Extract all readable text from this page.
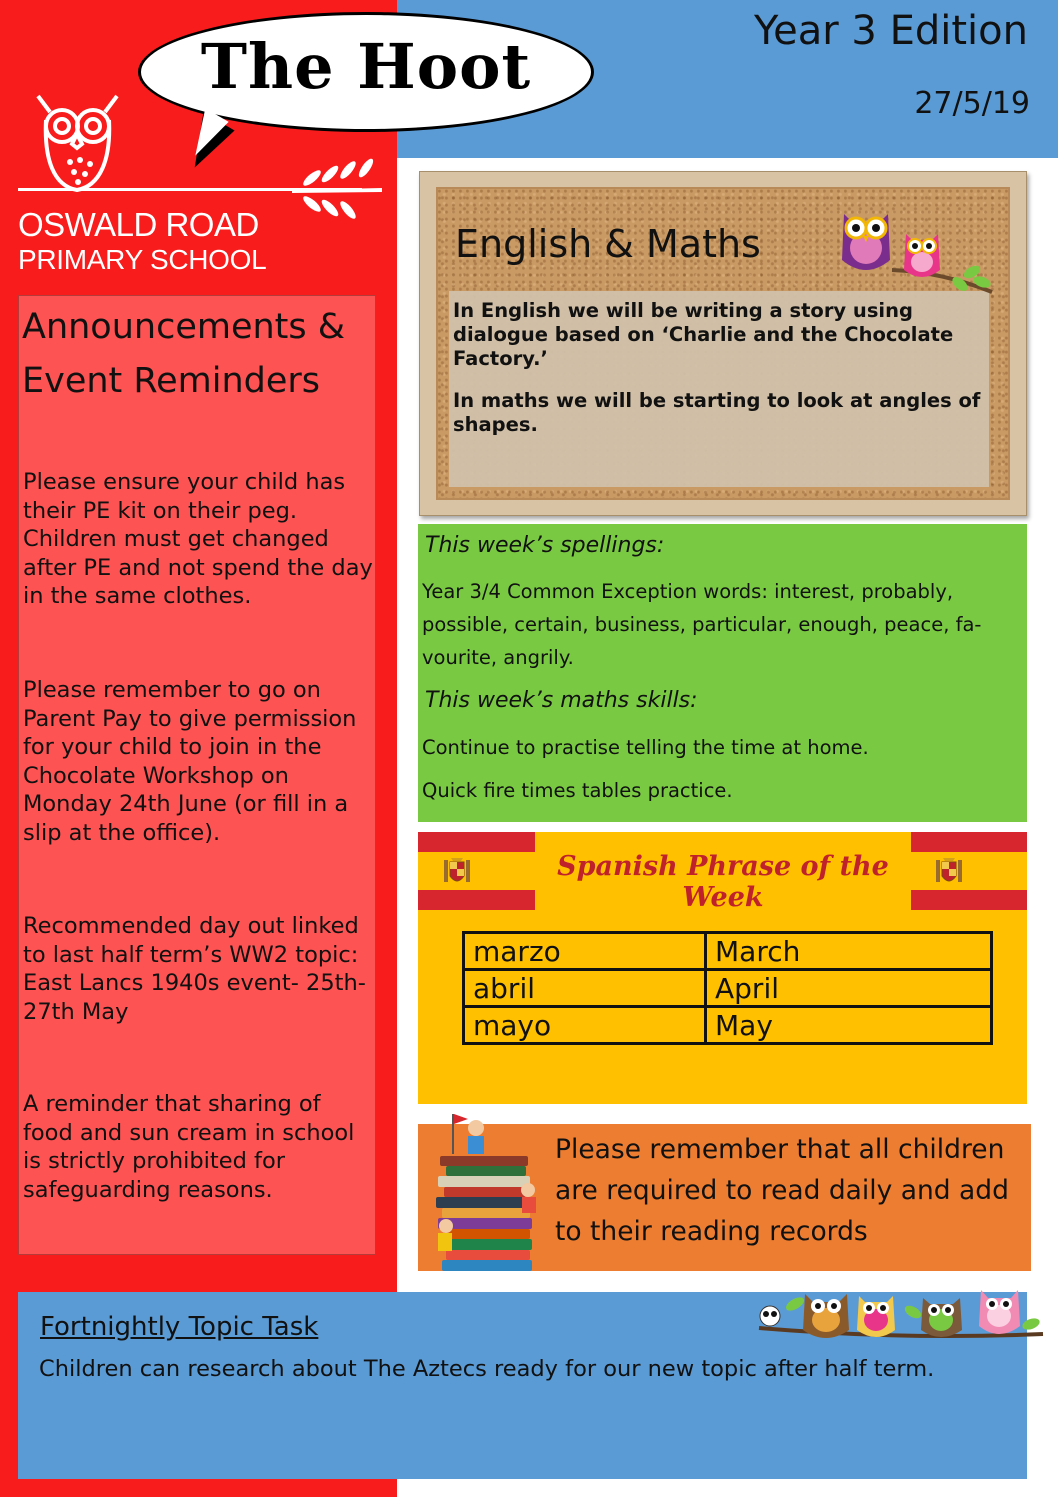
The Hoot	Year 3 Edition
27/5/19
OSWALD ROAD
PRIMARY SCHOOL
Announcements & Event Reminders
Please ensure your child has their PE kit on their peg. Children must get changed after PE and not spend the day in the same clothes.
Please remember to go on Parent Pay to give permission for your child to join in the Chocolate Workshop on Monday 24th June (or fill in a slip at the office).
Recommended day out linked to last half term’s WW2 topic: East Lancs 1940s event- 25th-27th May
A reminder that sharing of food and sun cream in school is strictly prohibited for safeguarding reasons.
English & Maths
In English we will be writing a story using dialogue based on ‘Charlie and the Chocolate Factory.’
In maths we will be starting to look at angles of shapes.
This week’s spellings:
Year 3/4 Common Exception words: interest, probably, possible, certain, business, particular, enough, peace, fa-vourite, angrily.
This week’s maths skills:
Continue to practise telling the time at home.
Quick fire times tables practice.
Spanish Phrase of the Week
marzo	March
abril	April
mayo	May
Please remember that all children are required to read daily and add to their reading records
Fortnightly Topic Task
Children can research about The Aztecs ready for our new topic after half term.
